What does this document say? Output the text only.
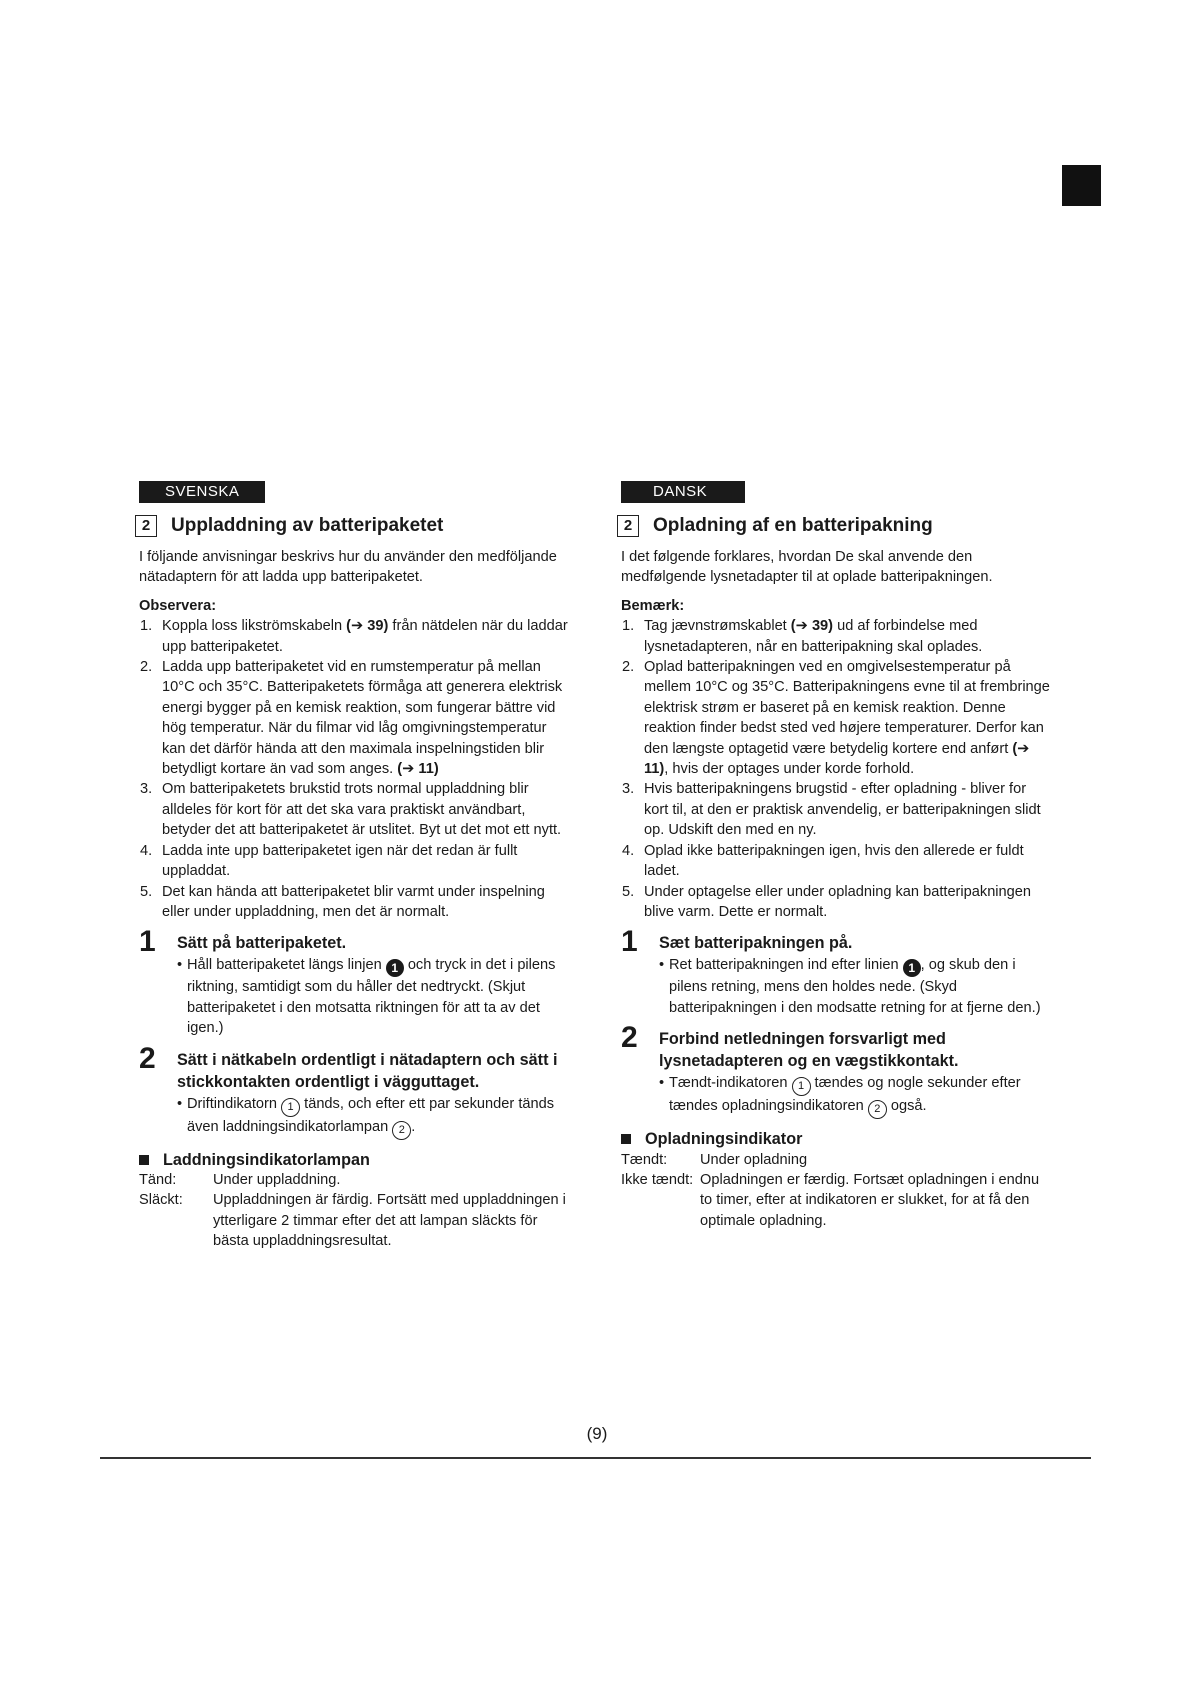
SVENSKA
2	Uppladdning av batteripaketet

I följande anvisningar beskrivs hur du använder den medföljande nätadaptern för att ladda upp batteripaketet.

Observera:
1. Koppla loss likströmskabeln (➔ 39) från nätdelen när du laddar upp batteripaketet.
2. Ladda upp batteripaketet vid en rumstemperatur på mellan 10°C och 35°C. Batteripaketets förmåga att generera elektrisk energi bygger på en kemisk reaktion, som fungerar bättre vid hög temperatur. När du filmar vid låg omgivningstemperatur kan det därför hända att den maximala inspelningstiden blir betydligt kortare än vad som anges. (➔ 11)
3. Om batteripaketets brukstid trots normal uppladdning blir alldeles för kort för att det ska vara praktiskt användbart, betyder det att batteripaketet är utslitet. Byt ut det mot ett nytt.
4. Ladda inte upp batteripaketet igen när det redan är fullt uppladdat.
5. Det kan hända att batteripaketet blir varmt under inspelning eller under uppladdning, men det är normalt.
1 Sätt på batteripaketet.
• Håll batteripaketet längs linjen 1 och tryck in det i pilens riktning, samtidigt som du håller det nedtryckt. (Skjut batteripaketet i den motsatta riktningen för att ta av det igen.)
2 Sätt i nätkabeln ordentligt i nätadaptern och sätt i stickkontakten ordentligt i vägguttaget.
• Driftindikatorn 1 tänds, och efter ett par sekunder tänds även laddningsindikatorlampan 2 .
Laddningsindikatorlampan
Tänd:	Under uppladdning.
Släckt:	Uppladdningen är färdig. Fortsätt med uppladdningen i ytterligare 2 timmar efter det att lampan släckts för bästa uppladdningsresultat.
DANSK
2	Opladning af en batteripakning

I det følgende forklares, hvordan De skal anvende den medfølgende lysnetadapter til at oplade batteripakningen.

Bemærk:
1. Tag jævnstrømskablet (➔ 39) ud af forbindelse med lysnetadapteren, når en batteripakning skal oplades.
2. Oplad batteripakningen ved en omgivelsestemperatur på mellem 10°C og 35°C. Batteripakningens evne til at frembringe elektrisk strøm er baseret på en kemisk reaktion. Denne reaktion finder bedst sted ved højere temperaturer. Derfor kan den længste optagetid være betydelig kortere end anført (➔ 11), hvis der optages under korde forhold.
3. Hvis batteripakningens brugstid - efter opladning - bliver for kort til, at den er praktisk anvendelig, er batteripakningen slidt op. Udskift den med en ny.
4. Oplad ikke batteripakningen igen, hvis den allerede er fuldt ladet.
5. Under optagelse eller under opladning kan batteripakningen blive varm. Dette er normalt.
1 Sæt batteripakningen på.
• Ret batteripakningen ind efter linien 1 , og skub den i pilens retning, mens den holdes nede. (Skyd batteripakningen i den modsatte retning for at fjerne den.)
2 Forbind netledningen forsvarligt med lysnetadapteren og en vægstikkontakt.
• Tændt-indikatoren 1 tændes og nogle sekunder efter tændes opladningsindikatoren 2 også.
Opladningsindikator
Tændt:	Under opladning
Ikke tændt: Opladningen er færdig. Fortsæt opladningen i endnu to timer, efter at indikatoren er slukket, for at få den optimale opladning.
(9)
